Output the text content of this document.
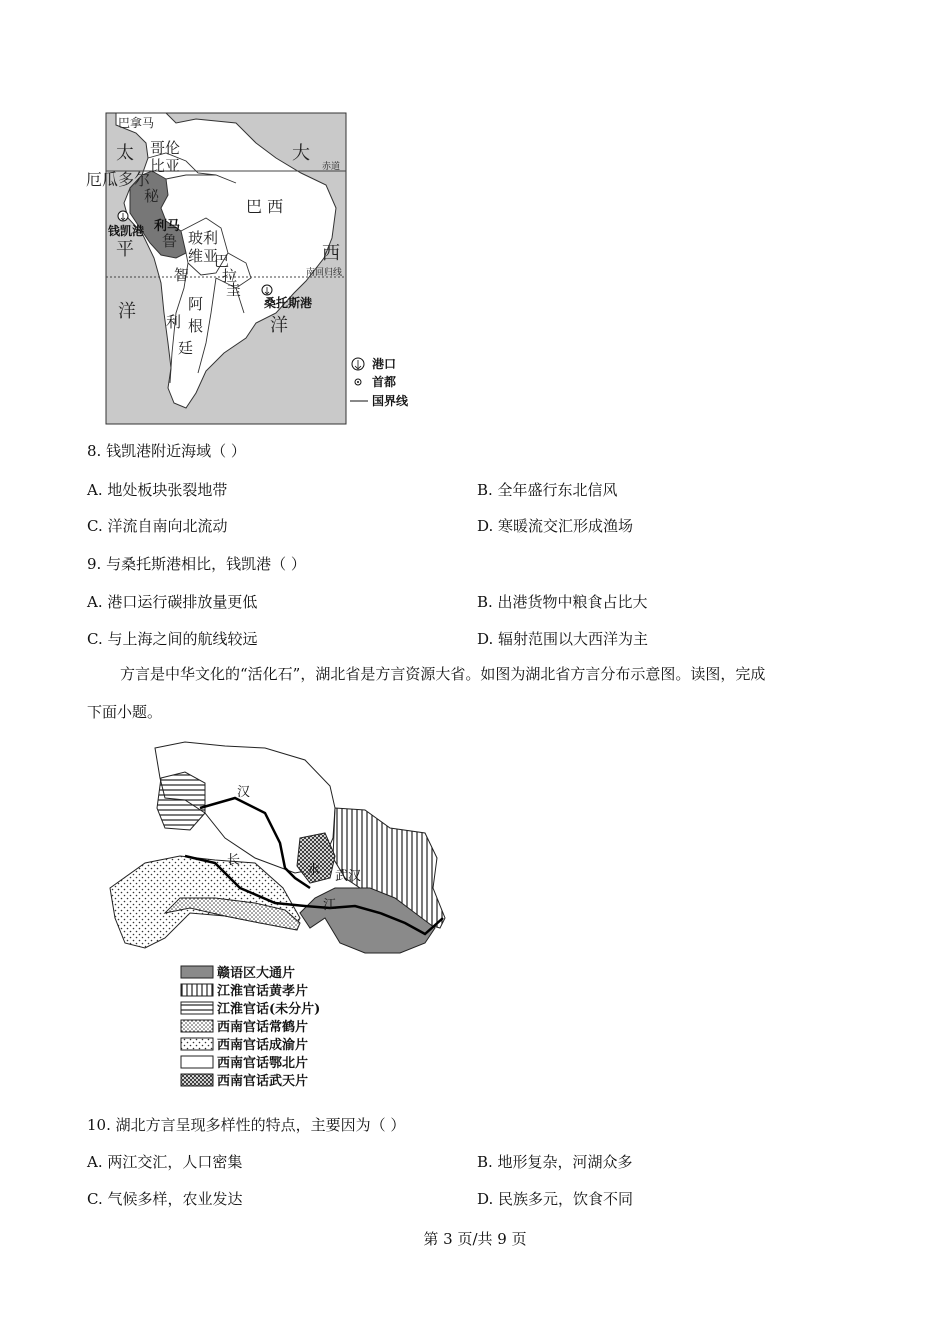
巴拿马
太 哥伦
比亚
大
赤道
厄瓜多尔
秘
巴 西
钱凯港 利马
鲁
平
玻利
维亚
巴
拉
圭
智
西
南回归线
阿	桑托斯港
洋 利 根	洋
廷
港口
首都
国界线
8. 钱凯港附近海域（ ）
A. 地处板块张裂地带	B. 全年盛行东北信风
C. 洋流自南向北流动	D. 寒暖流交汇形成渔场
9. 与桑托斯港相比，钱凯港（ ）
A. 港口运行碳排放量更低	B. 出港货物中粮食占比大
C. 与上海之间的航线较远	D. 辐射范围以大西洋为主
方言是中华文化的“活化石”，湖北省是方言资源大省。如图为湖北省方言分布示意图。读图，完成
下面小题。
汉
长
水 武汉
江
赣语区大通片
江淮官话黄孝片
江淮官话(未分片)
西南官话常鹤片
西南官话成渝片
西南官话鄂北片
西南官话武天片
10. 湖北方言呈现多样性的特点，主要因为（ ）
A. 两江交汇，人口密集	B. 地形复杂，河湖众多
C. 气候多样，农业发达	D. 民族多元，饮食不同
第 3 页/共 9 页
